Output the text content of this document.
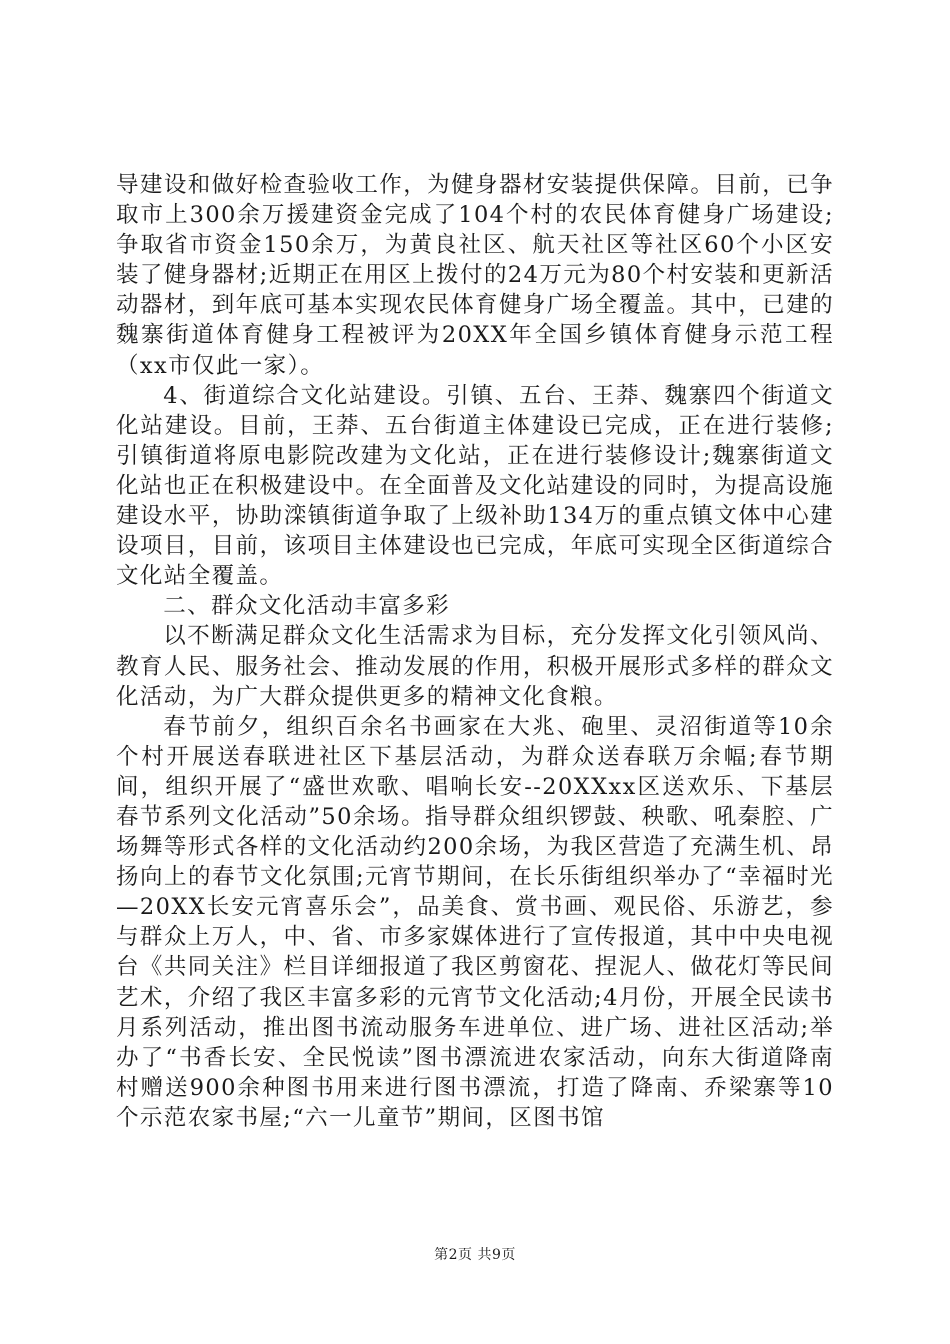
导建设和做好检查验收工作，为健身器材安装提供保障。目前，已争取市上300余万援建资金完成了104个村的农民体育健身广场建设;争取省市资金150余万，为黄良社区、航天社区等社区60个小区安装了健身器材;近期正在用区上拨付的24万元为80个村安装和更新活动器材，到年底可基本实现农民体育健身广场全覆盖。其中，已建的魏寨街道体育健身工程被评为20XX年全国乡镇体育健身示范工程（xx市仅此一家）。

4、街道综合文化站建设。引镇、五台、王莽、魏寨四个街道文化站建设。目前，王莽、五台街道主体建设已完成，正在进行装修;引镇街道将原电影院改建为文化站，正在进行装修设计;魏寨街道文化站也正在积极建设中。在全面普及文化站建设的同时，为提高设施建设水平，协助滦镇街道争取了上级补助134万的重点镇文体中心建设项目，目前，该项目主体建设也已完成，年底可实现全区街道综合文化站全覆盖。

二、群众文化活动丰富多彩

以不断满足群众文化生活需求为目标，充分发挥文化引领风尚、教育人民、服务社会、推动发展的作用，积极开展形式多样的群众文化活动，为广大群众提供更多的精神文化食粮。

春节前夕，组织百余名书画家在大兆、砲里、灵沼街道等10余个村开展送春联进社区下基层活动，为群众送春联万余幅;春节期间，组织开展了“盛世欢歌、唱响长安--20XXxx区送欢乐、下基层春节系列文化活动”50余场。指导群众组织锣鼓、秧歌、吼秦腔、广场舞等形式各样的文化活动约200余场，为我区营造了充满生机、昂扬向上的春节文化氛围;元宵节期间，在长乐街组织举办了“幸福时光—20XX长安元宵喜乐会”，品美食、赏书画、观民俗、乐游艺，参与群众上万人，中、省、市多家媒体进行了宣传报道，其中中央电视台《共同关注》栏目详细报道了我区剪窗花、捏泥人、做花灯等民间艺术，介绍了我区丰富多彩的元宵节文化活动;4月份，开展全民读书月系列活动，推出图书流动服务车进单位、进广场、进社区活动;举办了“书香长安、全民悦读”图书漂流进农家活动，向东大街道降南村赠送900余种图书用来进行图书漂流，打造了降南、乔梁寨等10个示范农家书屋;“六一儿童节”期间，区图书馆

第2页 共9页
